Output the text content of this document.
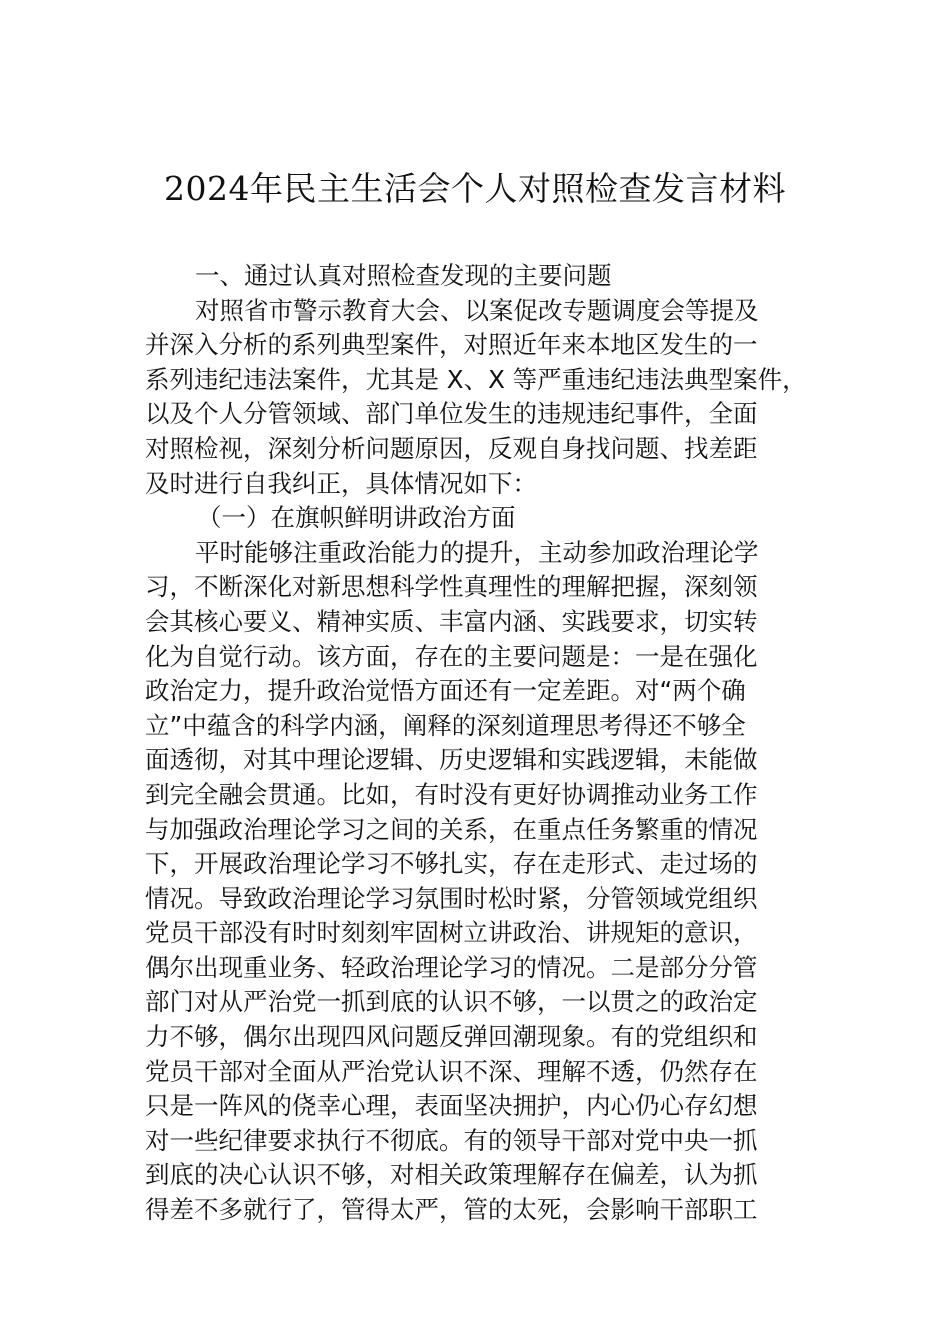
2024年民主生活会个人对照检查发言材料
一、通过认真对照检查发现的主要问题
对照省市警示教育大会、以案促改专题调度会等提及
并深入分析的系列典型案件，对照近年来本地区发生的一
系列违纪违法案件，尤其是 X、X 等严重违纪违法典型案件，
以及个人分管领域、部门单位发生的违规违纪事件，全面
对照检视，深刻分析问题原因，反观自身找问题、找差距
及时进行自我纠正，具体情况如下：
（一）在旗帜鲜明讲政治方面
平时能够注重政治能力的提升，主动参加政治理论学
习，不断深化对新思想科学性真理性的理解把握，深刻领
会其核心要义、精神实质、丰富内涵、实践要求，切实转
化为自觉行动。该方面，存在的主要问题是：一是在强化
政治定力，提升政治觉悟方面还有一定差距。对“两个确
立”中蕴含的科学内涵，阐释的深刻道理思考得还不够全
面透彻，对其中理论逻辑、历史逻辑和实践逻辑，未能做
到完全融会贯通。比如，有时没有更好协调推动业务工作
与加强政治理论学习之间的关系，在重点任务繁重的情况
下，开展政治理论学习不够扎实，存在走形式、走过场的
情况。导致政治理论学习氛围时松时紧，分管领域党组织
党员干部没有时时刻刻牢固树立讲政治、讲规矩的意识，
偶尔出现重业务、轻政治理论学习的情况。二是部分分管
部门对从严治党一抓到底的认识不够，一以贯之的政治定
力不够，偶尔出现四风问题反弹回潮现象。有的党组织和
党员干部对全面从严治党认识不深、理解不透，仍然存在
只是一阵风的侥幸心理，表面坚决拥护，内心仍心存幻想
对一些纪律要求执行不彻底。有的领导干部对党中央一抓
到底的决心认识不够，对相关政策理解存在偏差，认为抓
得差不多就行了，管得太严，管的太死，会影响干部职工
